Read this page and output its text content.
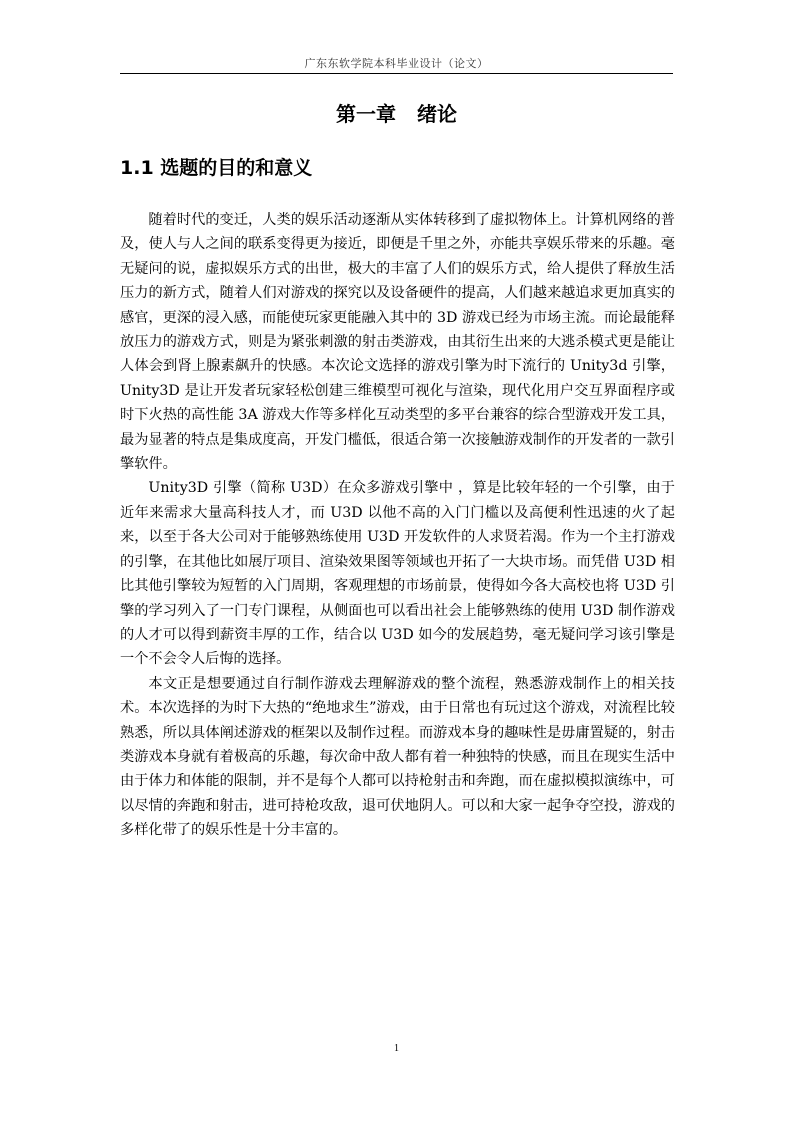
广东东软学院本科毕业设计（论文）
第一章 绪论
1.1 选题的目的和意义

随着时代的变迁，人类的娱乐活动逐渐从实体转移到了虚拟物体上。计算机网络的普及，使人与人之间的联系变得更为接近，即便是千里之外，亦能共享娱乐带来的乐趣。毫无疑问的说，虚拟娱乐方式的出世，极大的丰富了人们的娱乐方式，给人提供了释放生活压力的新方式，随着人们对游戏的探究以及设备硬件的提高，人们越来越追求更加真实的感官，更深的浸入感，而能使玩家更能融入其中的 3D 游戏已经为市场主流。而论最能释放压力的游戏方式，则是为紧张刺激的射击类游戏，由其衍生出来的大逃杀模式更是能让人体会到肾上腺素飙升的快感。本次论文选择的游戏引擎为时下流行的 Unity3d 引擎，Unity3D 是让开发者玩家轻松创建三维模型可视化与渲染，现代化用户交互界面程序或时下火热的高性能 3A 游戏大作等多样化互动类型的多平台兼容的综合型游戏开发工具，最为显著的特点是集成度高，开发门槛低，很适合第一次接触游戏制作的开发者的一款引擎软件。

Unity3D 引擎（简称 U3D）在众多游戏引擎中 ，算是比较年轻的一个引擎，由于近年来需求大量高科技人才，而 U3D 以他不高的入门门槛以及高便利性迅速的火了起来，以至于各大公司对于能够熟练使用 U3D 开发软件的人求贤若渴。作为一个主打游戏的引擎，在其他比如展厅项目、渲染效果图等领域也开拓了一大块市场。而凭借 U3D 相比其他引擎较为短暂的入门周期，客观理想的市场前景，使得如今各大高校也将 U3D 引擎的学习列入了一门专门课程，从侧面也可以看出社会上能够熟练的使用 U3D 制作游戏的人才可以得到薪资丰厚的工作，结合以 U3D 如今的发展趋势，毫无疑问学习该引擎是一个不会令人后悔的选择。

本文正是想要通过自行制作游戏去理解游戏的整个流程，熟悉游戏制作上的相关技术。本次选择的为时下大热的“绝地求生”游戏，由于日常也有玩过这个游戏，对流程比较熟悉，所以具体阐述游戏的框架以及制作过程。而游戏本身的趣味性是毋庸置疑的，射击类游戏本身就有着极高的乐趣，每次命中敌人都有着一种独特的快感，而且在现实生活中由于体力和体能的限制，并不是每个人都可以持枪射击和奔跑，而在虚拟模拟演练中，可以尽情的奔跑和射击，进可持枪攻敌，退可伏地阴人。可以和大家一起争夺空投，游戏的多样化带了的娱乐性是十分丰富的。

1
